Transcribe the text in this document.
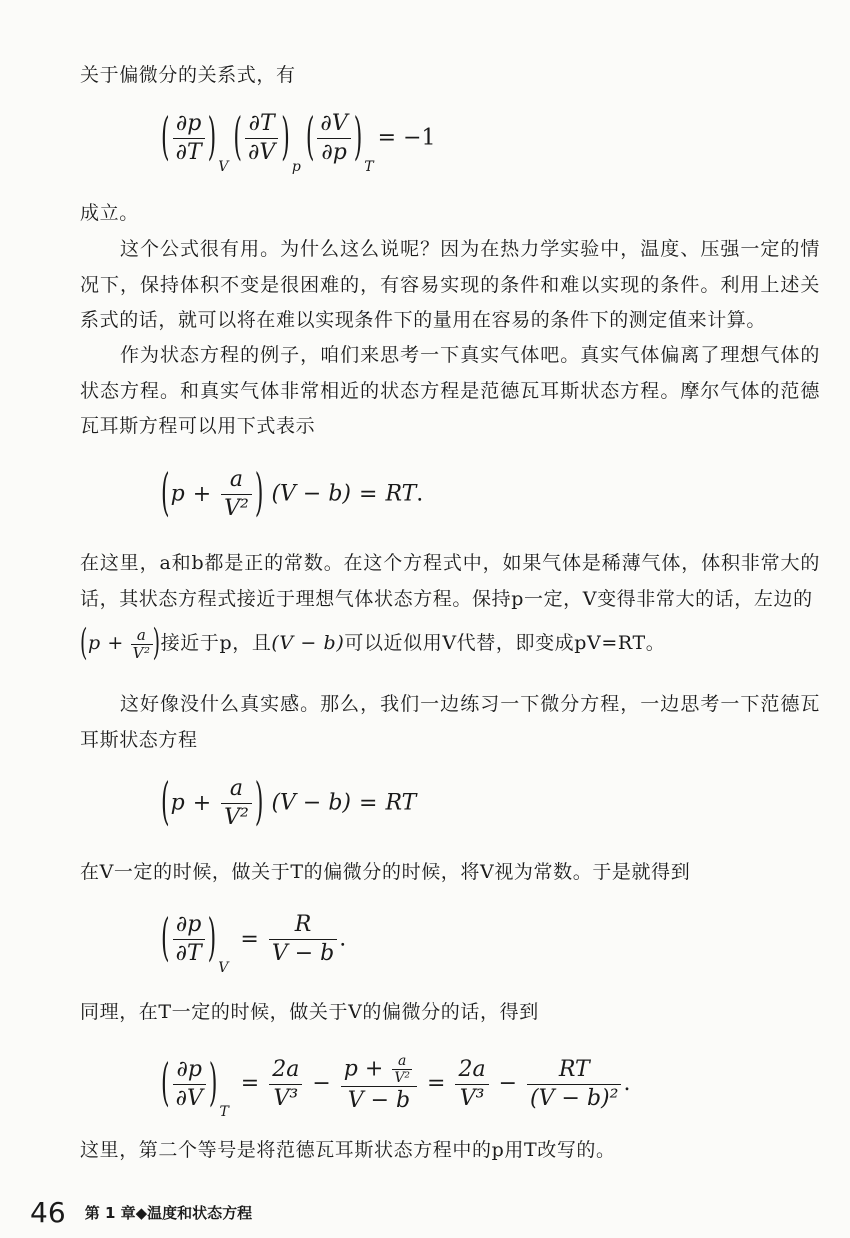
关于偏微分的关系式，有

( $\frac{\partial p}{\partial T}$ ) V ( $\frac{\partial T}{\partial V}$ ) p ( $\frac{\partial V}{\partial p}$ ) T= −1

成立。

这个公式很有用。为什么这么说呢？因为在热力学实验中，温度、压强一定的情况下，保持体积不变是很困难的，有容易实现的条件和难以实现的条件。利用上述关系式的话，就可以将在难以实现条件下的量用在容易的条件下的测定值来计算。

作为状态方程的例子，咱们来思考一下真实气体吧。真实气体偏离了理想气体的状态方程。和真实气体非常相近的状态方程是范德瓦耳斯状态方程。摩尔气体的范德瓦耳斯方程可以用下式表示

($p + \frac{a}{\text{V²}}$ ) (V − b) = RT.

在这里，a和b都是正的常数。在这个方程式中，如果气体是稀薄气体，体积非常大的话，其状态方程式接近于理想气体状态方程。保持p一定，V变得非常大的话，左边的

($p + \frac{a}{\text{V²}}$ )接近于p，且(V − b)可以近似用V代替，即变成pV=RT。

这好像没什么真实感。那么，我们一边练习一下微分方程，一边思考一下范德瓦耳斯状态方程

($p + \frac{a}{\text{V²}}$ ) (V − b) = RT

在V一定的时候，做关于T的偏微分的时候，将V视为常数。于是就得到

( $\frac{\partial p}{\partial T}$ ) $V= \frac{R}{V - b}$ .

同理，在T一定的时候，做关于V的偏微分的话，得到

( $\frac{\partial p}{\partial V}$ ) $T= \frac{2a}{\text{V³}} - \frac{p + \frac{a}{\text{V²}}}{V - b} = \frac{2a}{\text{V³}} - \frac{RT}{\text{(V − b)²}}$ .

这里，第二个等号是将范德瓦耳斯状态方程中的p用T改写的。

46 第 1 章◆温度和状态方程
